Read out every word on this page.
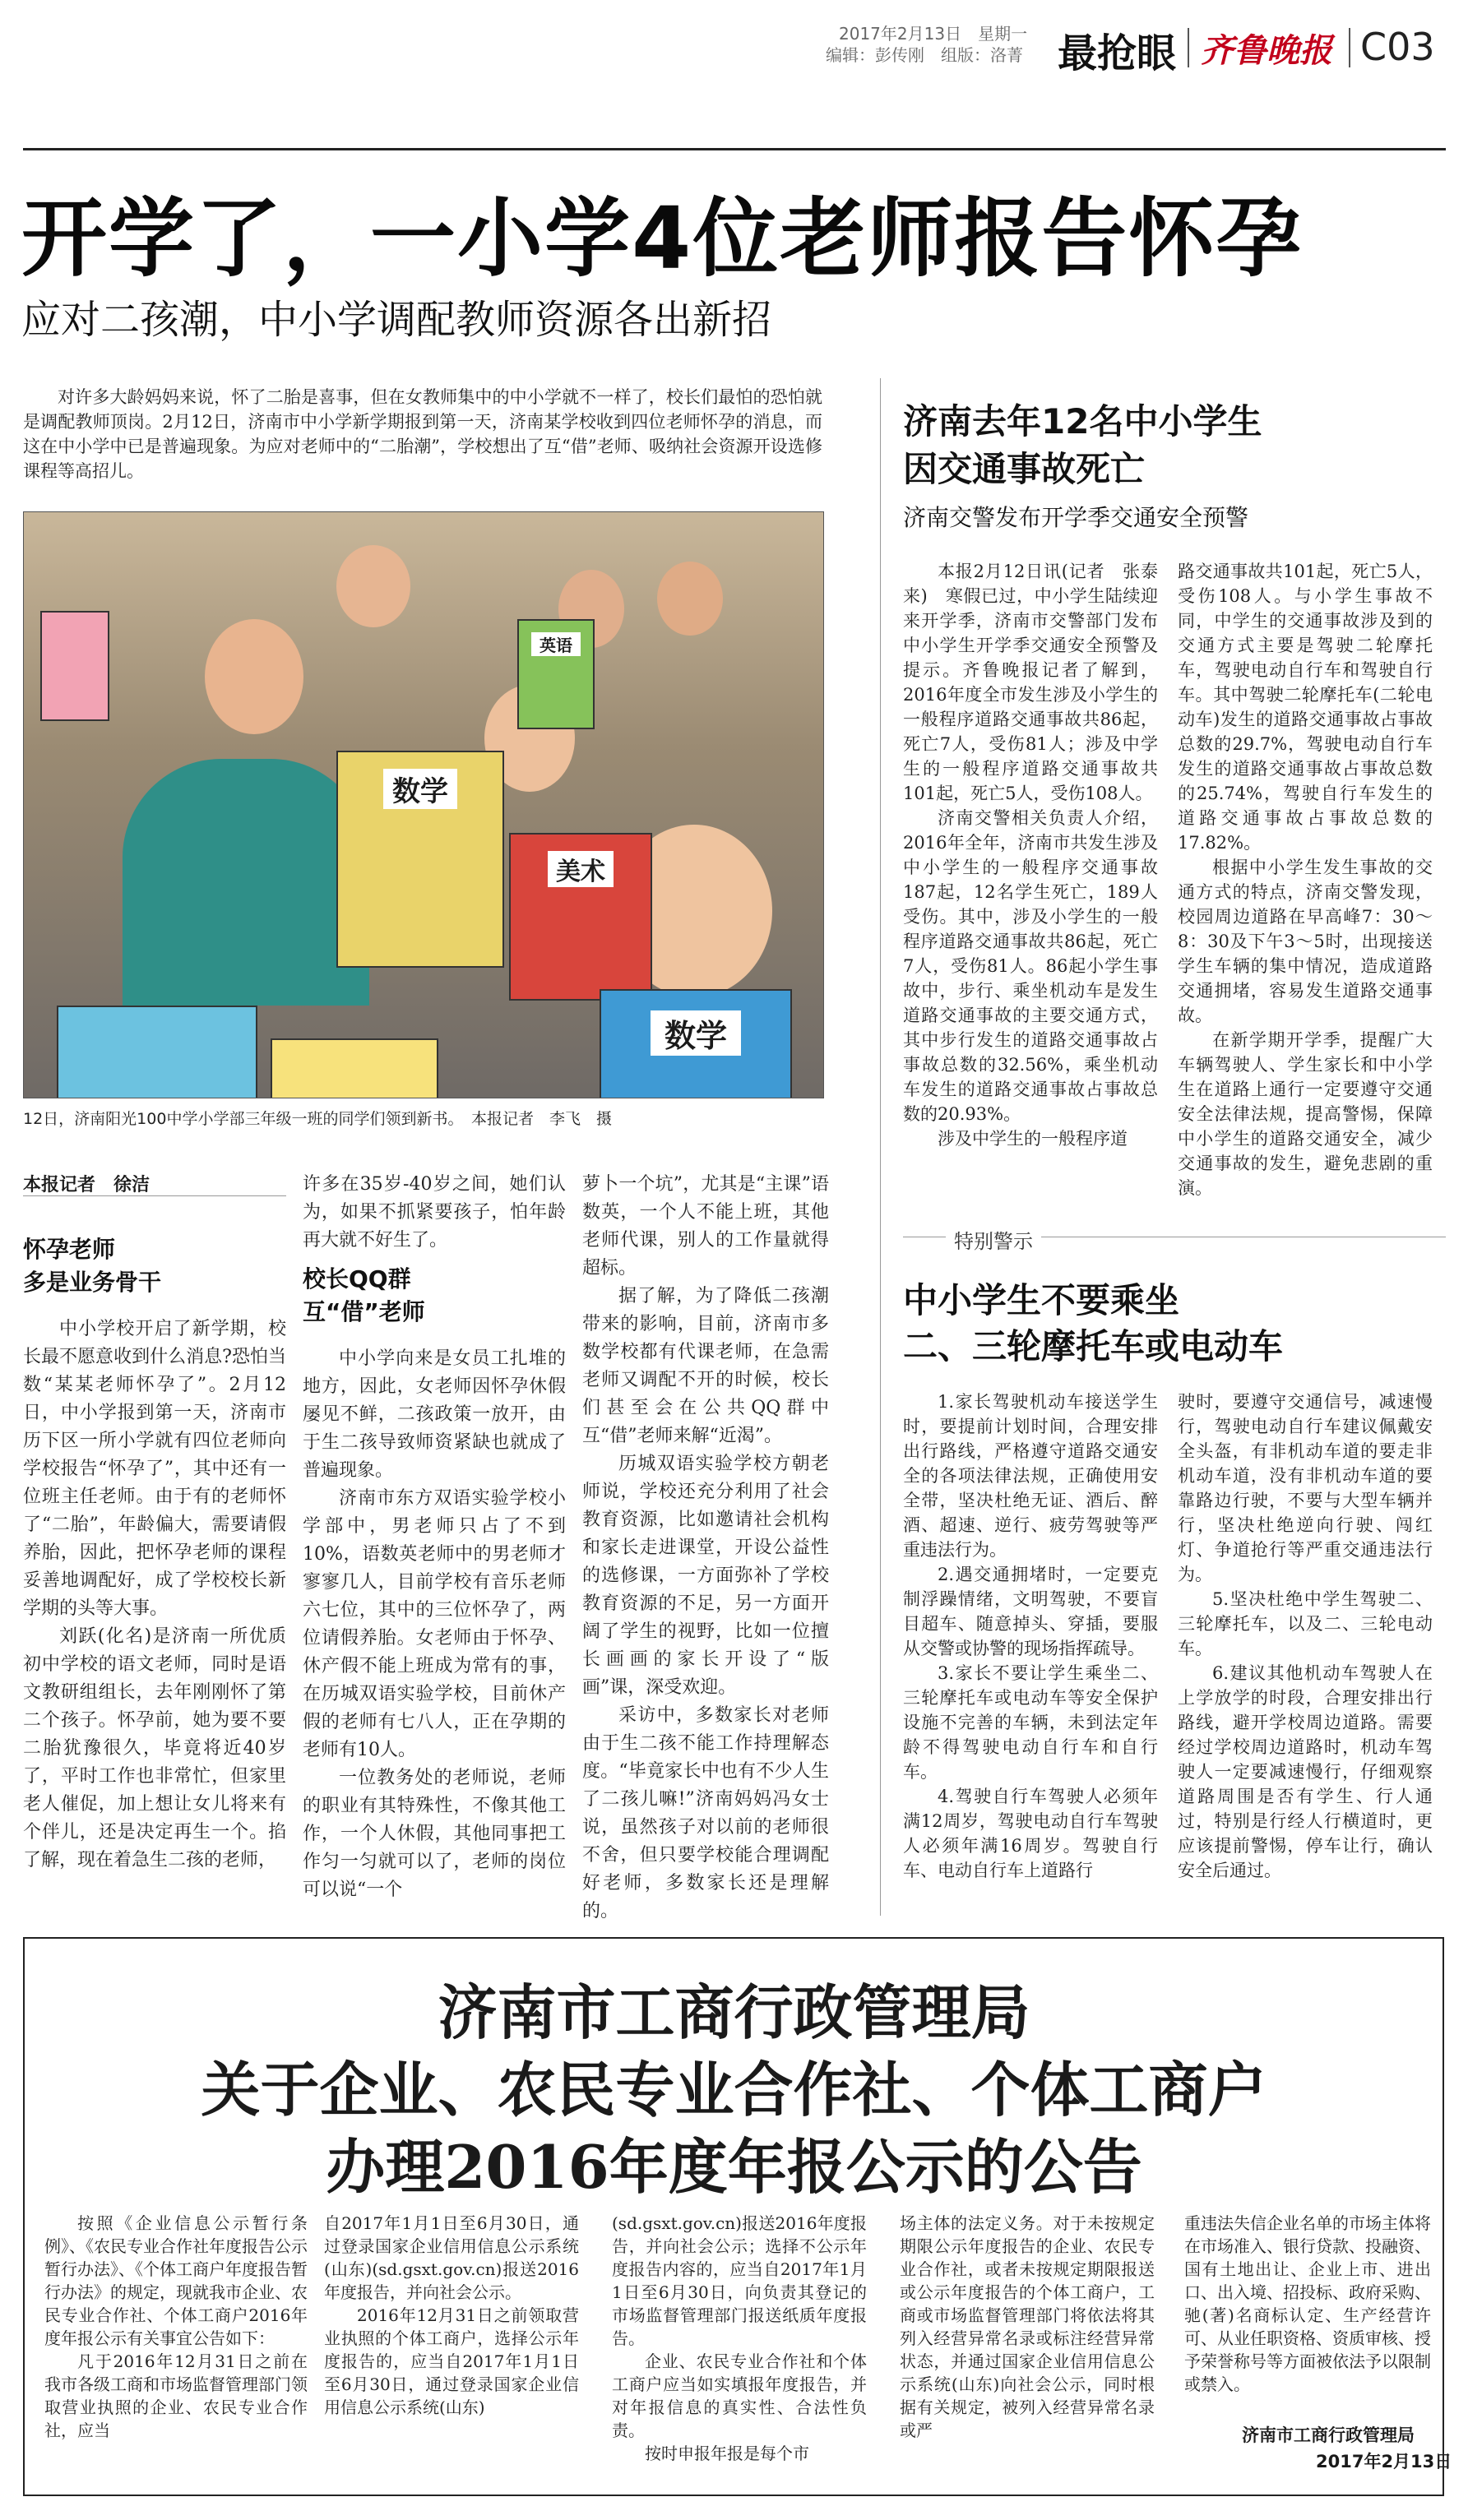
2017年2月13日　星期一
编辑：彭传刚　组版：洛菁 最抢眼 齐鲁晚报 C03
开学了，一小学4位老师报告怀孕
应对二孩潮，中小学调配教师资源各出新招

对许多大龄妈妈来说，怀了二胎是喜事，但在女教师集中的中小学就不一样了，校长们最怕的恐怕就是调配教师顶岗。2月12日，济南市中小学新学期报到第一天，济南某学校收到四位老师怀孕的消息，而这在中小学中已是普遍现象。为应对老师中的“二胎潮”，学校想出了互“借”老师、吸纳社会资源开设选修课程等高招儿。

数学
美术
数学
英语
12日，济南阳光100中学小学部三年级一班的同学们领到新书。　本报记者　李飞　摄
本报记者　徐洁
怀孕老师
多是业务骨干

中小学校开启了新学期，校长最不愿意收到什么消息?恐怕当数“某某老师怀孕了”。2月12日，中小学报到第一天，济南市历下区一所小学就有四位老师向学校报告“怀孕了”，其中还有一位班主任老师。由于有的老师怀了“二胎”，年龄偏大，需要请假养胎，因此，把怀孕老师的课程妥善地调配好，成了学校校长新学期的头等大事。

刘跃(化名)是济南一所优质初中学校的语文老师，同时是语文教研组组长，去年刚刚怀了第二个孩子。怀孕前，她为要不要二胎犹豫很久，毕竟将近40岁了，平时工作也非常忙，但家里老人催促，加上想让女儿将来有个伴儿，还是决定再生一个。掐了解，现在着急生二孩的老师，

许多在35岁-40岁之间，她们认为，如果不抓紧要孩子，怕年龄再大就不好生了。

校长QQ群
互“借”老师

中小学向来是女员工扎堆的地方，因此，女老师因怀孕休假屡见不鲜，二孩政策一放开，由于生二孩导致师资紧缺也就成了普遍现象。

济南市东方双语实验学校小学部中，男老师只占了不到10%，语数英老师中的男老师才寥寥几人，目前学校有音乐老师六七位，其中的三位怀孕了，两位请假养胎。女老师由于怀孕、休产假不能上班成为常有的事，在历城双语实验学校，目前休产假的老师有七八人，正在孕期的老师有10人。

一位教务处的老师说，老师的职业有其特殊性，不像其他工作，一个人休假，其他同事把工作匀一匀就可以了，老师的岗位可以说“一个

萝卜一个坑”，尤其是“主课”语数英，一个人不能上班，其他老师代课，别人的工作量就得超标。

据了解，为了降低二孩潮带来的影响，目前，济南市多数学校都有代课老师，在急需老师又调配不开的时候，校长们甚至会在公共QQ群中互“借”老师来解“近渴”。

历城双语实验学校方朝老师说，学校还充分利用了社会教育资源，比如邀请社会机构和家长走进课堂，开设公益性的选修课，一方面弥补了学校教育资源的不足，另一方面开阔了学生的视野，比如一位擅长画画的家长开设了“版画”课，深受欢迎。

采访中，多数家长对老师由于生二孩不能工作持理解态度。“毕竟家长中也有不少人生了二孩儿嘛!”济南妈妈冯女士说，虽然孩子对以前的老师很不舍，但只要学校能合理调配好老师，多数家长还是理解的。

济南去年12名中小学生
因交通事故死亡
济南交警发布开学季交通安全预警

本报2月12日讯(记者　张泰来)　寒假已过，中小学生陆续迎来开学季，济南市交警部门发布中小学生开学季交通安全预警及提示。齐鲁晚报记者了解到，2016年度全市发生涉及小学生的一般程序道路交通事故共86起，死亡7人，受伤81人；涉及中学生的一般程序道路交通事故共101起，死亡5人，受伤108人。

济南交警相关负责人介绍，2016年全年，济南市共发生涉及中小学生的一般程序交通事故187起，12名学生死亡，189人受伤。其中，涉及小学生的一般程序道路交通事故共86起，死亡7人，受伤81人。86起小学生事故中，步行、乘坐机动车是发生道路交通事故的主要交通方式，其中步行发生的道路交通事故占事故总数的32.56%，乘坐机动车发生的道路交通事故占事故总数的20.93%。

涉及中学生的一般程序道

路交通事故共101起，死亡5人，受伤108人。与小学生事故不同，中学生的交通事故涉及到的交通方式主要是驾驶二轮摩托车，驾驶电动自行车和驾驶自行车。其中驾驶二轮摩托车(二轮电动车)发生的道路交通事故占事故总数的29.7%，驾驶电动自行车发生的道路交通事故占事故总数的25.74%，驾驶自行车发生的道路交通事故占事故总数的17.82%。

根据中小学生发生事故的交通方式的特点，济南交警发现，校园周边道路在早高峰7：30～8：30及下午3～5时，出现接送学生车辆的集中情况，造成道路交通拥堵，容易发生道路交通事故。

在新学期开学季，提醒广大车辆驾驶人、学生家长和中小学生在道路上通行一定要遵守交通安全法律法规，提高警惕，保障中小学生的道路交通安全，减少交通事故的发生，避免悲剧的重演。

特别警示
中小学生不要乘坐
二、三轮摩托车或电动车

1.家长驾驶机动车接送学生时，要提前计划时间，合理安排出行路线，严格遵守道路交通安全的各项法律法规，正确使用安全带，坚决杜绝无证、酒后、醉酒、超速、逆行、疲劳驾驶等严重违法行为。

2.遇交通拥堵时，一定要克制浮躁情绪，文明驾驶，不要盲目超车、随意掉头、穿插，要服从交警或协警的现场指挥疏导。

3.家长不要让学生乘坐二、三轮摩托车或电动车等安全保护设施不完善的车辆，未到法定年龄不得驾驶电动自行车和自行车。

4.驾驶自行车驾驶人必须年满12周岁，驾驶电动自行车驾驶人必须年满16周岁。驾驶自行车、电动自行车上道路行

驶时，要遵守交通信号，减速慢行，驾驶电动自行车建议佩戴安全头盔，有非机动车道的要走非机动车道，没有非机动车道的要靠路边行驶，不要与大型车辆并行，坚决杜绝逆向行驶、闯红灯、争道抢行等严重交通违法行为。

5.坚决杜绝中学生驾驶二、三轮摩托车，以及二、三轮电动车。

6.建议其他机动车驾驶人在上学放学的时段，合理安排出行路线，避开学校周边道路。需要经过学校周边道路时，机动车驾驶人一定要减速慢行，仔细观察道路周围是否有学生、行人通过，特别是行经人行横道时，更应该提前警惕，停车让行，确认安全后通过。

济南市工商行政管理局
关于企业、农民专业合作社、个体工商户
办理2016年度年报公示的公告

按照《企业信息公示暂行条例》、《农民专业合作社年度报告公示暂行办法》、《个体工商户年度报告暂行办法》的规定，现就我市企业、农民专业合作社、个体工商户2016年度年报公示有关事宜公告如下：

凡于2016年12月31日之前在我市各级工商和市场监督管理部门领取营业执照的企业、农民专业合作社，应当

自2017年1月1日至6月30日，通过登录国家企业信用信息公示系统(山东)(sd.gsxt.gov.cn)报送2016年度报告，并向社会公示。

2016年12月31日之前领取营业执照的个体工商户，选择公示年度报告的，应当自2017年1月1日至6月30日，通过登录国家企业信用信息公示系统(山东)

(sd.gsxt.gov.cn)报送2016年度报告，并向社会公示；选择不公示年度报告内容的，应当自2017年1月1日至6月30日，向负责其登记的市场监督管理部门报送纸质年度报告。

企业、农民专业合作社和个体工商户应当如实填报年度报告，并对年报信息的真实性、合法性负责。

按时申报年报是每个市

场主体的法定义务。对于未按规定期限公示年度报告的企业、农民专业合作社，或者未按规定期限报送或公示年度报告的个体工商户，工商或市场监督管理部门将依法将其列入经营异常名录或标注经营异常状态，并通过国家企业信用信息公示系统(山东)向社会公示，同时根据有关规定，被列入经营异常名录或严

重违法失信企业名单的市场主体将在市场准入、银行贷款、投融资、国有土地出让、企业上市、进出口、出入境、招投标、政府采购、驰(著)名商标认定、生产经营许可、从业任职资格、资质审核、授予荣誉称号等方面被依法予以限制或禁入。

济南市工商行政管理局
2017年2月13日
